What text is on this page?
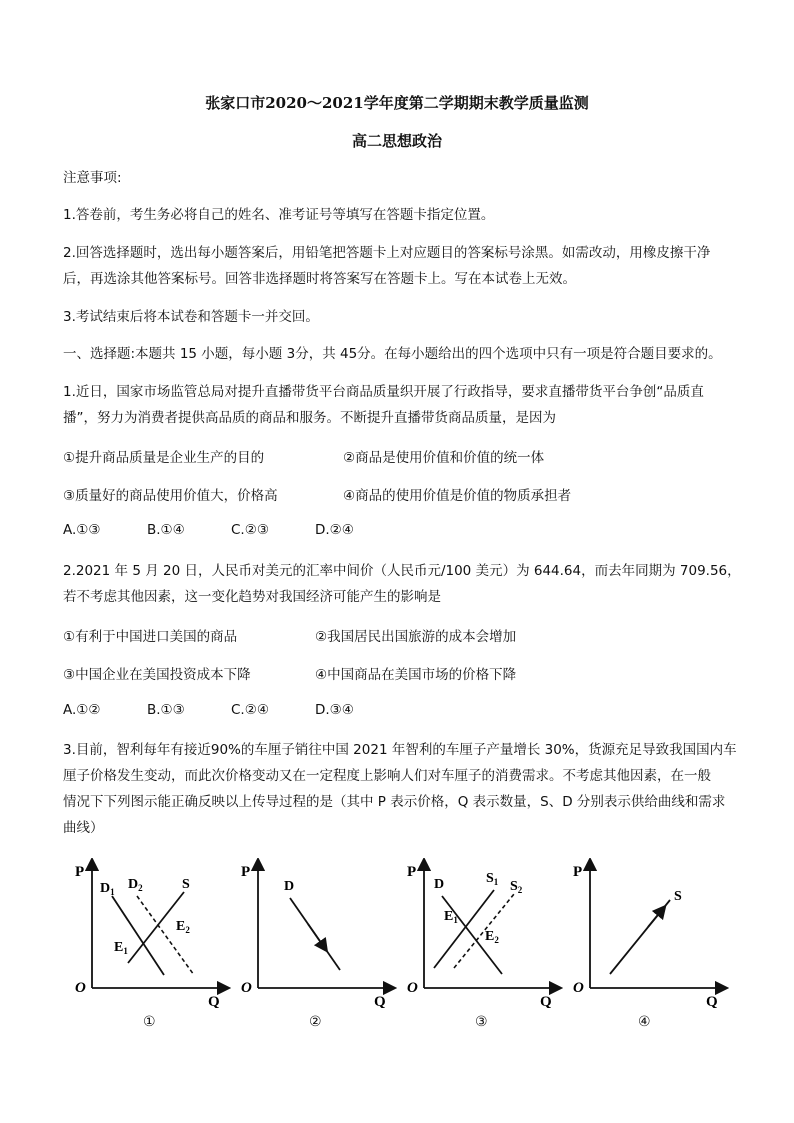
张家口市2020～2021学年度第二学期期末教学质量监测
高二思想政治
注意事项:
1.答卷前，考生务必将自己的姓名、准考证号等填写在答题卡指定位置。
2.回答选择题时，选出每小题答案后，用铅笔把答题卡上对应题目的答案标号涂黑。如需改动，用橡皮擦干净
后，再选涂其他答案标号。回答非选择题时将答案写在答题卡上。写在本试卷上无效。
3.考试结束后将本试卷和答题卡一并交回。
一、选择题:本题共 15 小题，每小题 3分，共 45分。在每小题给出的四个选项中只有一项是符合题目要求的。
1.近日，国家市场监管总局对提升直播带货平台商品质量织开展了行政指导，要求直播带货平台争创“品质直
播”，努力为消费者提供高品质的商品和服务。不断提升直播带货商品质量，是因为
①提升商品质量是企业生产的目的	②商品是使用价值和价值的统一体
③质量好的商品使用价值大，价格高	④商品的使用价值是价值的物质承担者
A.①③	B.①④	C.②③	D.②④
2.2021 年 5 月 20 日，人民币对美元的汇率中间价（人民币元/100 美元）为 644.64，而去年同期为 709.56，
若不考虑其他因素，这一变化趋势对我国经济可能产生的影响是
①有利于中国进口美国的商品	②我国居民出国旅游的成本会增加
③中国企业在美国投资成本下降	④中国商品在美国市场的价格下降
A.①②	B.①③	C.②④	D.③④
3.目前，智利每年有接近90%的车厘子销往中国 2021 年智利的车厘子产量增长 30%，货源充足导致我国国内车
厘子价格发生变动，而此次价格变动又在一定程度上影响人们对车厘子的消费需求。不考虑其他因素，在一般
情况下下列图示能正确反映以上传导过程的是（其中 P 表示价格，Q 表示数量，S、D 分别表示供给曲线和需求
曲线）
P
Q
O
$D_1$ $D_2$	S
$E_1$
$E_2$
①
P
Q
O
D
②
P
Q
O
D	$S_1$ $S_2$
$E_1$
$E_2$
③
P
Q
O
S
④
